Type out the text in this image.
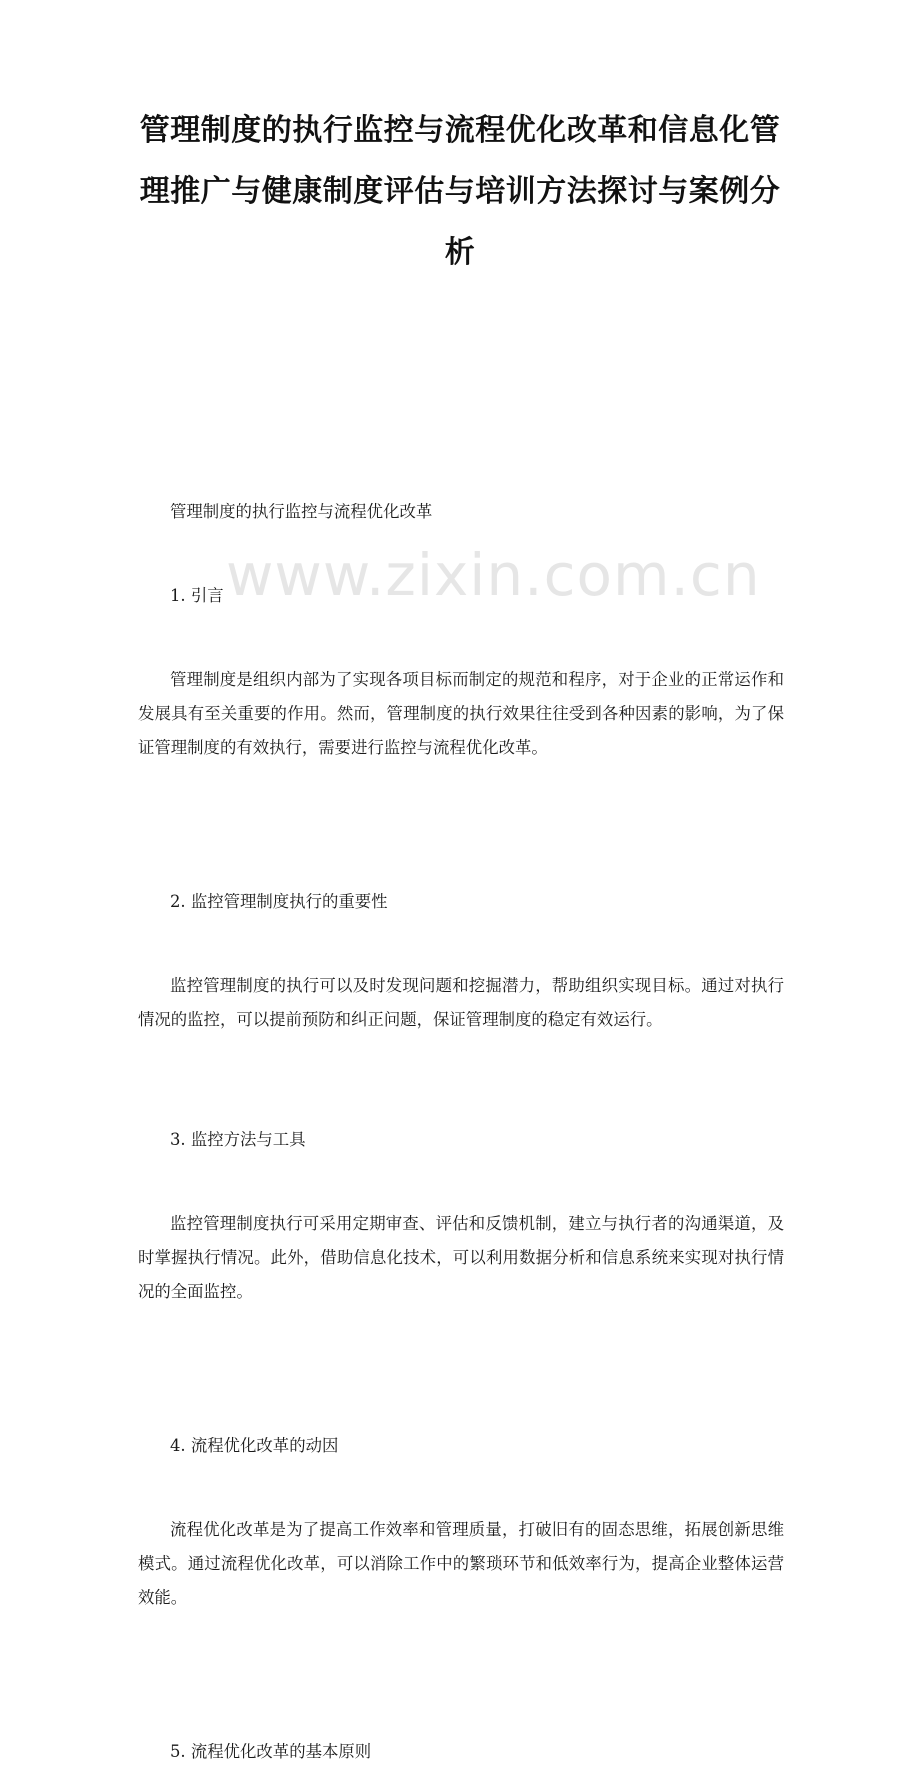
www.zixin.com.cn
管理制度的执行监控与流程优化改革和信息化管理推广与健康制度评估与培训方法探讨与案例分析

管理制度的执行监控与流程优化改革

1. 引言

管理制度是组织内部为了实现各项目标而制定的规范和程序，对于企业的正常运作和发展具有至关重要的作用。然而，管理制度的执行效果往往受到各种因素的影响，为了保证管理制度的有效执行，需要进行监控与流程优化改革。

2. 监控管理制度执行的重要性

监控管理制度的执行可以及时发现问题和挖掘潜力，帮助组织实现目标。通过对执行情况的监控，可以提前预防和纠正问题，保证管理制度的稳定有效运行。

3. 监控方法与工具

监控管理制度执行可采用定期审查、评估和反馈机制，建立与执行者的沟通渠道，及时掌握执行情况。此外，借助信息化技术，可以利用数据分析和信息系统来实现对执行情况的全面监控。

4. 流程优化改革的动因

流程优化改革是为了提高工作效率和管理质量，打破旧有的固态思维，拓展创新思维模式。通过流程优化改革，可以消除工作中的繁琐环节和低效率行为，提高企业整体运营效能。

5. 流程优化改革的基本原则
